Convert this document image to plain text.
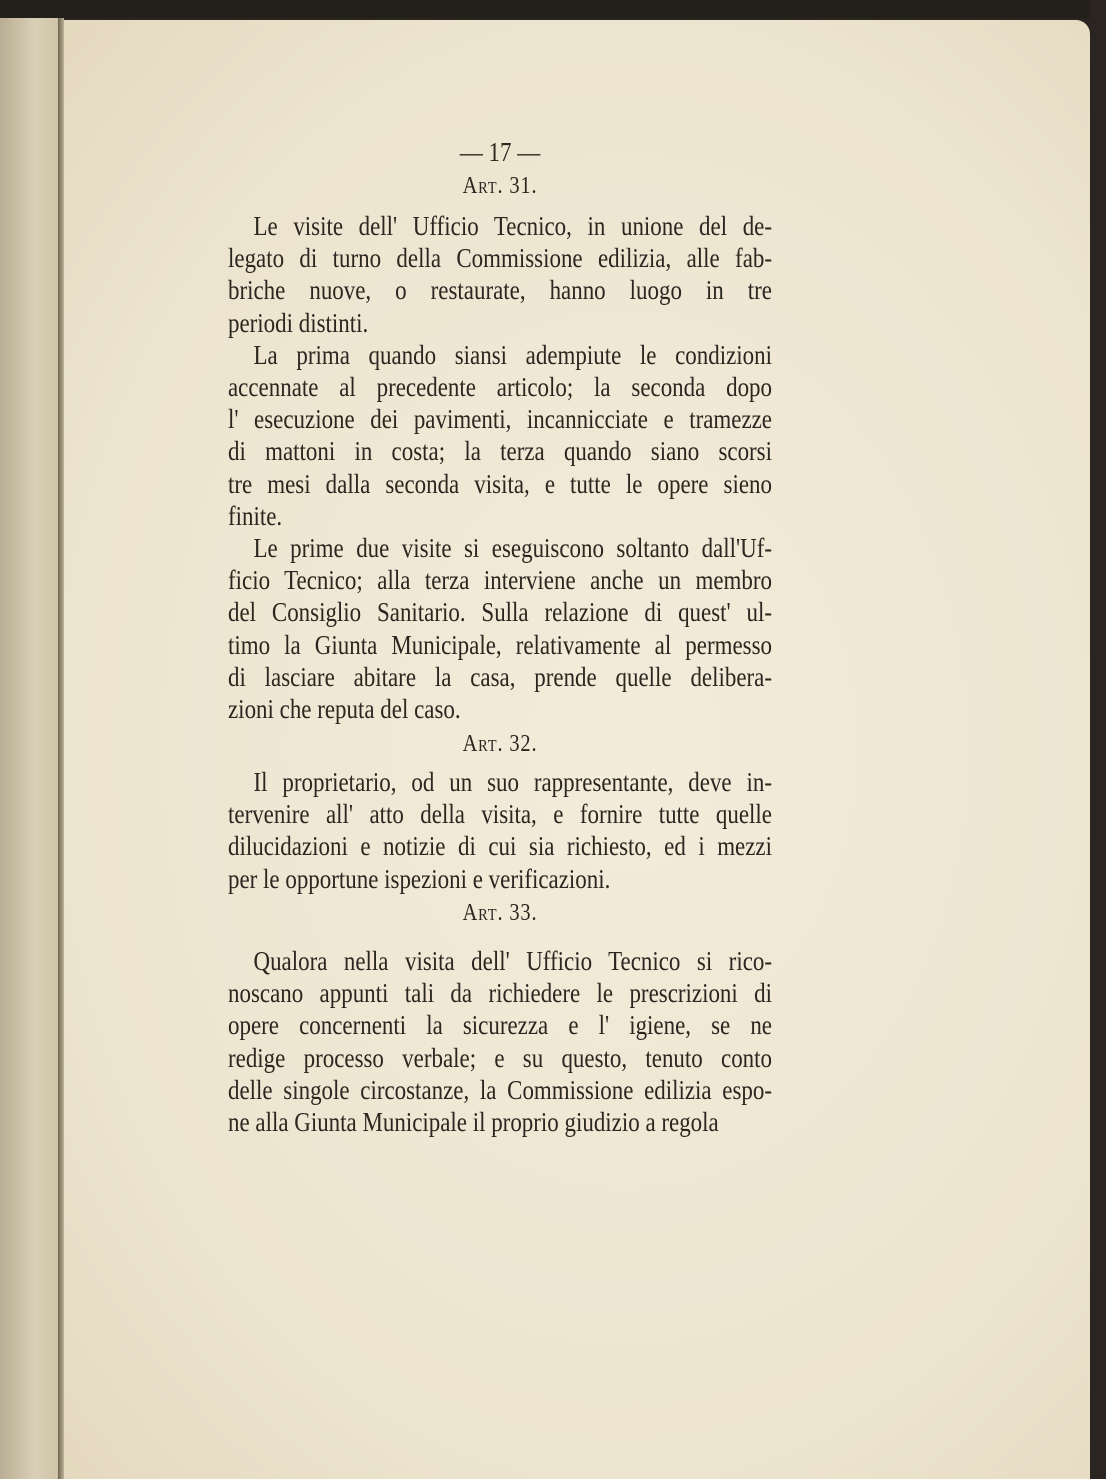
— 17 —
Art. 31.
Le visite dell' Ufficio Tecnico, in unione del de-
legato di turno della Commissione edilizia, alle fab-
briche nuove, o restaurate, hanno luogo in tre
periodi distinti.
La prima quando siansi adempiute le condizioni
accennate al precedente articolo; la seconda dopo
l' esecuzione dei pavimenti, incannicciate e tramezze
di mattoni in costa; la terza quando siano scorsi
tre mesi dalla seconda visita, e tutte le opere sieno
finite.
Le prime due visite si eseguiscono soltanto dall'Uf-
ficio Tecnico; alla terza interviene anche un membro
del Consiglio Sanitario. Sulla relazione di quest' ul-
timo la Giunta Municipale, relativamente al permesso
di lasciare abitare la casa, prende quelle delibera-
zioni che reputa del caso.
Art. 32.
Il proprietario, od un suo rappresentante, deve in-
tervenire all' atto della visita, e fornire tutte quelle
dilucidazioni e notizie di cui sia richiesto, ed i mezzi
per le opportune ispezioni e verificazioni.
Art. 33.
Qualora nella visita dell' Ufficio Tecnico si rico-
noscano appunti tali da richiedere le prescrizioni di
opere concernenti la sicurezza e l' igiene, se ne
redige processo verbale; e su questo, tenuto conto
delle singole circostanze, la Commissione edilizia espo-
ne alla Giunta Municipale il proprio giudizio a regola
